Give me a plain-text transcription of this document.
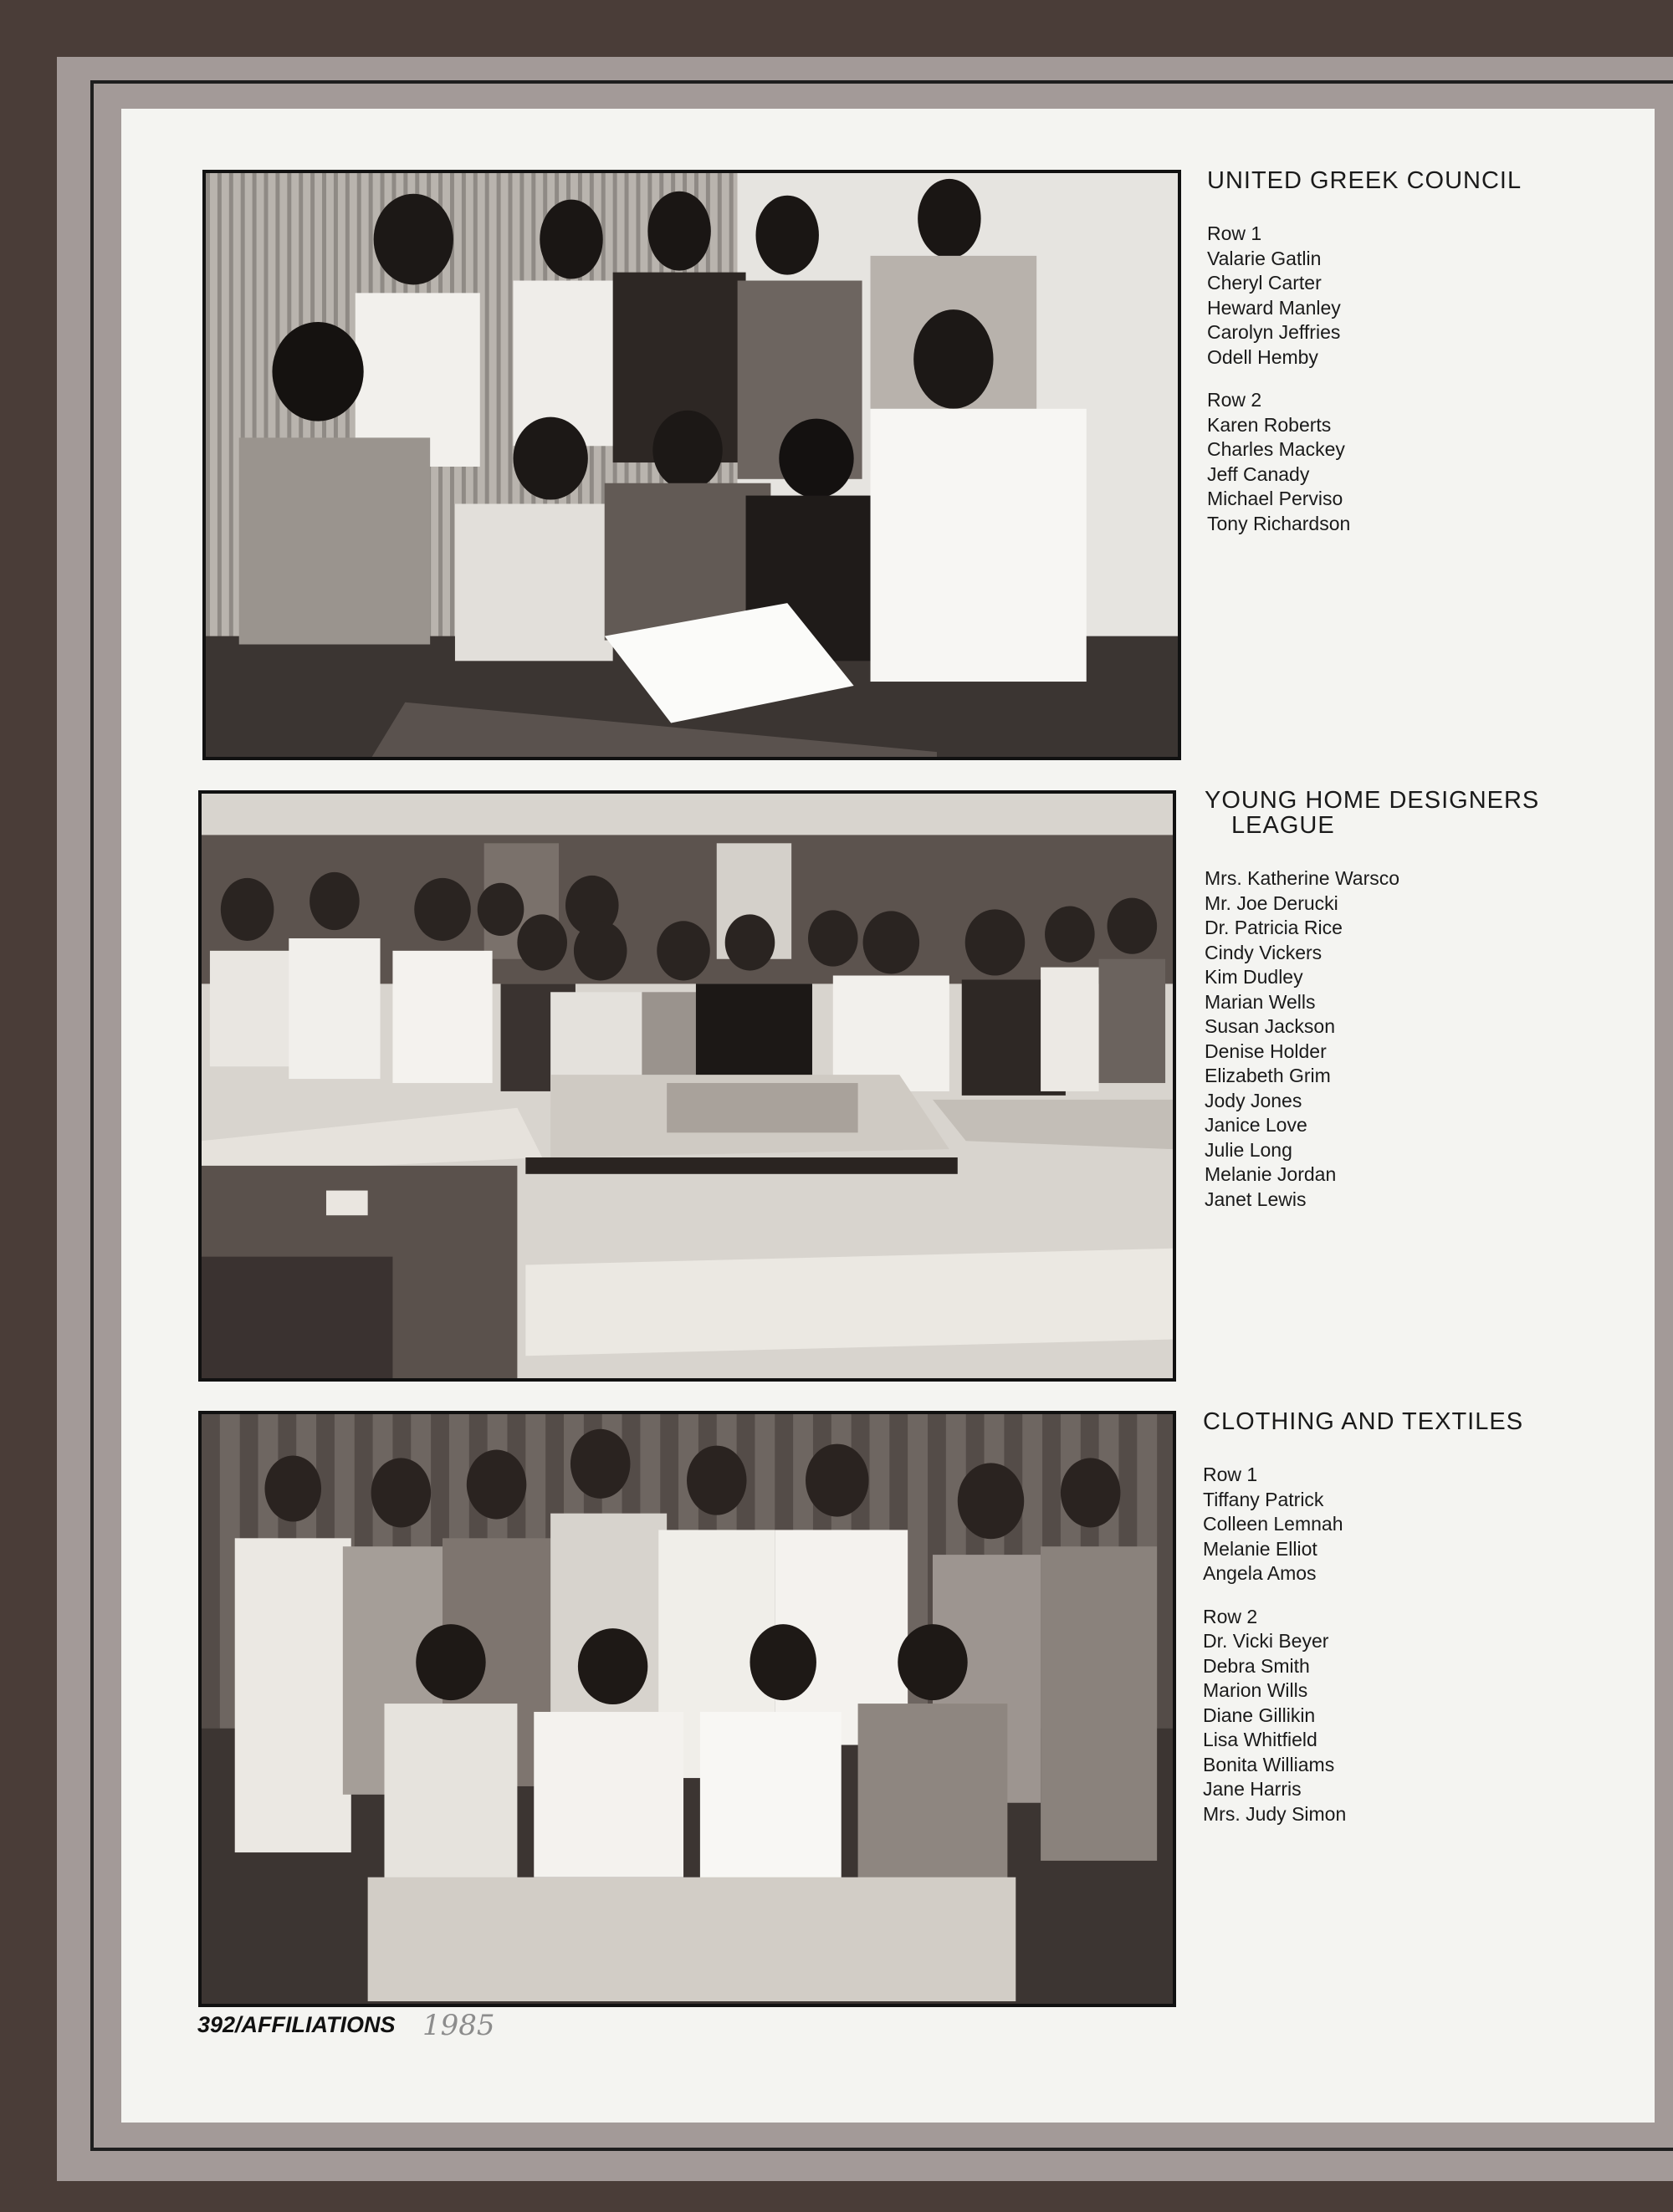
UNITED GREEK COUNCIL
Row 1
Valarie Gatlin
Cheryl Carter
Heward Manley
Carolyn Jeffries
Odell Hemby
Row 2
Karen Roberts
Charles Mackey
Jeff Canady
Michael Perviso
Tony Richardson
YOUNG HOME DESIGNERS
LEAGUE
Mrs. Katherine Warsco
Mr. Joe Derucki
Dr. Patricia Rice
Cindy Vickers
Kim Dudley
Marian Wells
Susan Jackson
Denise Holder
Elizabeth Grim
Jody Jones
Janice Love
Julie Long
Melanie Jordan
Janet Lewis
CLOTHING AND TEXTILES
Row 1
Tiffany Patrick
Colleen Lemnah
Melanie Elliot
Angela Amos
Row 2
Dr. Vicki Beyer
Debra Smith
Marion Wills
Diane Gillikin
Lisa Whitfield
Bonita Williams
Jane Harris
Mrs. Judy Simon
392/AFFILIATIONS 1985
